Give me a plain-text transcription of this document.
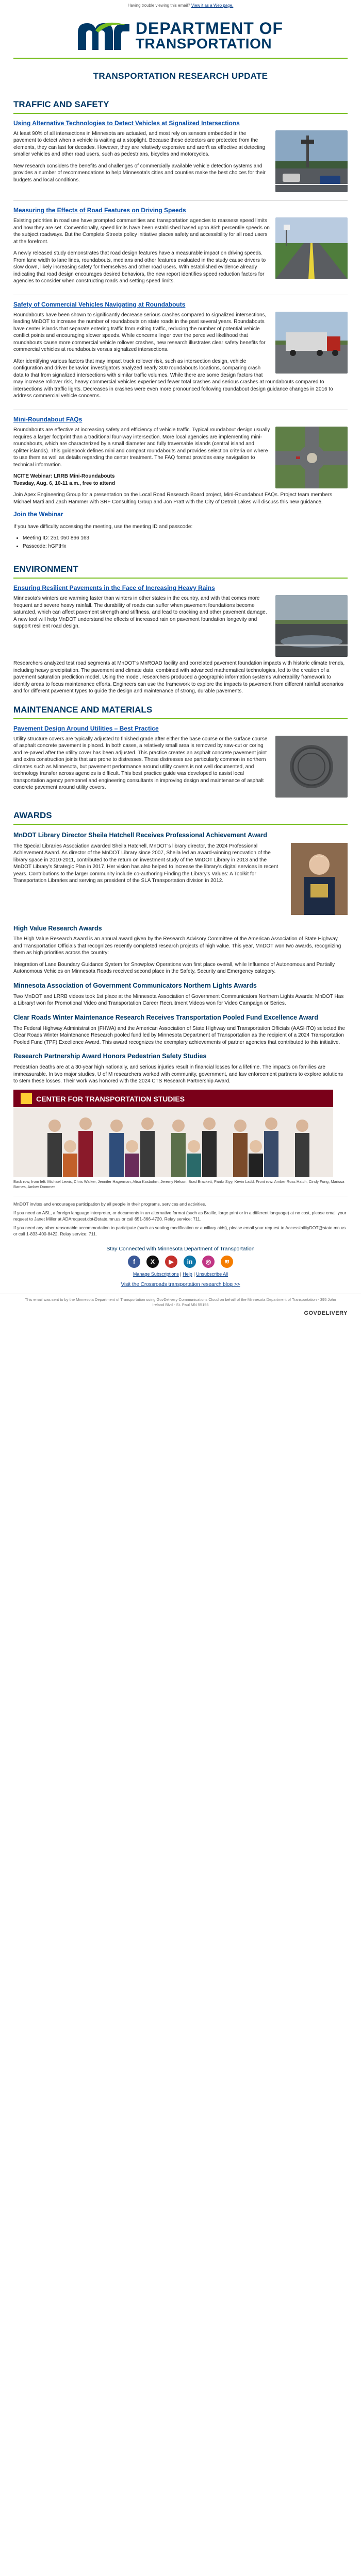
Having trouble viewing this email? View it as a Web page.
DEPARTMENT OF
TRANSPORTATION
TRANSPORTATION RESEARCH UPDATE
TRAFFIC AND SAFETY
Using Alternative Technologies to Detect Vehicles at Signalized Intersections

At least 90% of all intersections in Minnesota are actuated, and most rely on sensors embedded in the pavement to detect when a vehicle is waiting at a stoplight. Because these detectors are protected from the elements, they can last for decades. However, they are relatively expensive and aren't as effective at detecting smaller vehicles and other road users, such as pedestrians, bicycles and motorcycles.

New research considers the benefits and challenges of commercially available vehicle detection systems and provides a number of recommendations to help Minnesota's cities and counties make the best choices for their budgets and local conditions.

Measuring the Effects of Road Features on Driving Speeds

Existing priorities in road use have prompted communities and transportation agencies to reassess speed limits and how they are set. Conventionally, speed limits have been established based upon 85th percentile speeds on the subject roadways. But the Complete Streets policy initiative places safety and accessibility for all road users at the forefront.

A newly released study demonstrates that road design features have a measurable impact on driving speeds. From lane width to lane lines, roundabouts, medians and other features evaluated in the study cause drivers to slow down, likely increasing safety for themselves and other road users. With established evidence already indicating that road design encourages desired behaviors, the new report identifies speed reduction factors for agencies to consider when constructing roads and setting speed limits.

Safety of Commercial Vehicles Navigating at Roundabouts

Roundabouts have been shown to significantly decrease serious crashes compared to signalized intersections, leading MnDOT to increase the number of roundabouts on state roads in the past several years. Roundabouts have center islands that separate entering traffic from exiting traffic, reducing the number of potential vehicle conflict points and encouraging slower speeds. While concerns linger over the perceived likelihood that roundabouts cause more commercial vehicle rollover crashes, new research illustrates clear safety benefits for commercial vehicles at roundabouts versus signalized intersections.

After identifying various factors that may impact truck rollover risk, such as intersection design, vehicle configuration and driver behavior, investigators analyzed nearly 300 roundabouts locations, comparing crash data to that from signalized intersections with similar traffic volumes. While there are some design factors that may increase rollover risk, heavy commercial vehicles experienced fewer total crashes and serious crashes at roundabouts compared to intersections with traffic lights. Decreases in crashes were even more pronounced following roundabout design guidance changes in 2016 to address commercial vehicle concerns.

Mini-Roundabout FAQs

Roundabouts are effective at increasing safety and efficiency of vehicle traffic. Typical roundabout design usually requires a larger footprint than a traditional four-way intersection. More local agencies are implementing mini-roundabouts, which are characterized by a small diameter and fully traversable islands (central island and splitter islands). This guidebook defines mini and compact roundabouts and provides selection criteria on where to use them as well as details regarding the center treatment. The FAQ format provides easy navigation to technical information.

NCITE Webinar: LRRB Mini-Roundabouts

Tuesday, Aug. 6, 10-11 a.m., free to attend

Join Apex Engineering Group for a presentation on the Local Road Research Board project, Mini-Roundabout FAQs. Project team members Michael Marti and Zach Hammer with SRF Consulting Group and Jon Pratt with the City of Detroit Lakes will discuss this new guidance.

Join the Webinar

If you have difficulty accessing the meeting, use the meeting ID and passcode:

• Meeting ID: 251 050 866 163
• Passcode: hGPtHx
ENVIRONMENT
Ensuring Resilient Pavements in the Face of Increasing Heavy Rains

Minnesota's winters are warming faster than winters in other states in the country, and with that comes more frequent and severe heavy rainfall. The durability of roads can suffer when pavement foundations become saturated, which can affect pavement strength and stiffness, and lead to cracking and other pavement damage. A new tool will help MnDOT understand the effects of increased rain on pavement foundation longevity and support resilient road design.

Researchers analyzed test road segments at MnDOT's MnROAD facility and correlated pavement foundation impacts with historic climate trends, including heavy precipitation. The pavement and climate data, combined with advanced mathematical technologies, led to the creation of a pavement saturation prediction model. Using the model, researchers produced a geographic information systems vulnerability framework to identify areas to focus maintenance efforts. Engineers can use the framework to explore the impacts to pavement from different rainfall scenarios and for different pavement types to guide the design and maintenance of strong, durable pavements.

MAINTENANCE AND MATERIALS
Pavement Design Around Utilities – Best Practice

Utility structure covers are typically adjusted to finished grade after either the base course or the surface course of asphalt concrete pavement is placed. In both cases, a relatively small area is removed by saw-cut or coring and re-paved after the utility cover has been adjusted. This practice creates an asphalt concrete pavement joint and extra construction joints that are prone to distresses. These distresses are particularly common in northern climates such as Minnesota, but pavement performance around utility covers is not well documented, and technology transfer across agencies is difficult. This best practice guide was developed to assist local transportation agency personnel and engineering consultants in improving design and maintenance of asphalt concrete pavement around utility covers.

AWARDS
MnDOT Library Director Sheila Hatchell Receives Professional Achievement Award

The Special Libraries Association awarded Sheila Hatchell, MnDOT's library director, the 2024 Professional Achievement Award. As director of the MnDOT Library since 2007, Sheila led an award-winning renovation of the library space in 2010-2011, contributed to the return on investment study of the MnDOT Library in 2013 and the MnDOT Library's Strategic Plan in 2017. Her vision has also helped to increase the library's digital services in recent years. Contributions to the larger community include co-authoring Finding the Library's Values: A Toolkit for Transportation Libraries and serving as president of the SLA Transportation division in 2012.

High Value Research Awards

The High Value Research Award is an annual award given by the Research Advisory Committee of the American Association of State Highway and Transportation Officials that recognizes recently completed research projects of high value. This year, MnDOT won two awards, recognizing them as high priorities across the country:

Integration of Lane Boundary Guidance System for Snowplow Operations won first place overall, while Influence of Autonomous and Partially Autonomous Vehicles on Minnesota Roads received second place in the Safety, Security and Emergency category.

Minnesota Association of Government Communicators Northern Lights Awards

Two MnDOT and LRRB videos took 1st place at the Minnesota Association of Government Communicators Northern Lights Awards: MnDOT Has a Library! won for Promotional Video and Transportation Career Recruitment Videos won for Video Campaign or Series.

Clear Roads Winter Maintenance Research Receives Transportation Pooled Fund Excellence Award

The Federal Highway Administration (FHWA) and the American Association of State Highway and Transportation Officials (AASHTO) selected the Clear Roads Winter Maintenance Research pooled fund led by Minnesota Department of Transportation as the recipient of a 2024 Transportation Pooled Fund (TPF) Excellence Award. This award recognizes the exemplary achievements of partner agencies that contributed to this initiative.

Research Partnership Award Honors Pedestrian Safety Studies

Pedestrian deaths are at a 30-year high nationally, and serious injuries result in financial losses for a lifetime. The impacts on families are immeasurable. In two major studies, U of M researchers worked with community, government, and law enforcement partners to explore solutions to stem these losses. Their work was honored with the 2024 CTS Research Partnership Award.

CENTER FOR TRANSPORTATION STUDIES
Back row, from left: Michael Lewis, Chris Walker, Jennifer Hagerman, Alisa Kasbohm, Jeremy Nelson, Brad Brackett, Pankr Siyy, Kevin Ladd. Front row: Amber Ross Hatch, Cindy Fong, Marissa Barnes, Amber Dommer

MnDOT invites and encourages participation by all people in their programs, services and activities.

If you need an ASL, a foreign language interpreter, or documents in an alternative format (such as Braille, large print or in a different language) at no cost, please email your request to Janet Miller at ADArequest.dot@state.mn.us or call 651-366-4720. Relay service: 711.

If you need any other reasonable accommodation to participate (such as seating modification or auxiliary aids), please email your request to AccessibilityDOT@state.mn.us or call 1-833-400-8422. Relay service: 711.

Stay Connected with Minnesota Department of Transportation
f	X	▶	in	◎	≋
Manage Subscriptions | Help | Unsubscribe All
Visit the Crossroads transportation research blog >>
This email was sent to by the Minnesota Department of Transportation using GovDelivery Communications Cloud on behalf of the Minnesota Department of Transportation - 395 John Ireland Blvd - St. Paul MN 55155
GOVDELIVERY
